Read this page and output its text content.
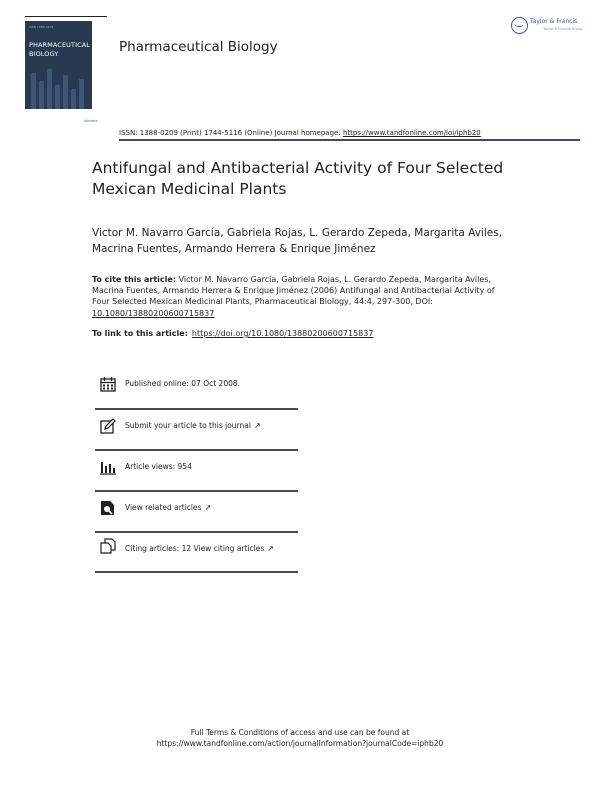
ISSN 1388-0209
PHARMACEUTICAL
BIOLOGY
informa
Pharmaceutical Biology
Taylor & Francis
Taylor & Francis Group
ISSN: 1388-0209 (Print) 1744-5116 (Online) Journal homepage: https://www.tandfonline.com/loi/iphb20
Antifungal and Antibacterial Activity of Four Selected Mexican Medicinal Plants
Victor M. Navarro García, Gabriela Rojas, L. Gerardo Zepeda, Margarita Aviles, Macrina Fuentes, Armando Herrera & Enrique Jiménez
To cite this article: Victor M. Navarro García, Gabriela Rojas, L. Gerardo Zepeda, Margarita Aviles, Macrina Fuentes, Armando Herrera & Enrique Jiménez (2006) Antifungal and Antibacterial Activity of Four Selected Mexican Medicinal Plants, Pharmaceutical Biology, 44:4, 297-300, DOI: 10.1080/13880200600715837
To link to this article: https://doi.org/10.1080/13880200600715837
Published online: 07 Oct 2008.
Submit your article to this journal ↗
Article views: 954
View related articles ↗
Citing articles: 12 View citing articles ↗
Full Terms & Conditions of access and use can be found at
https://www.tandfonline.com/action/journalInformation?journalCode=iphb20
